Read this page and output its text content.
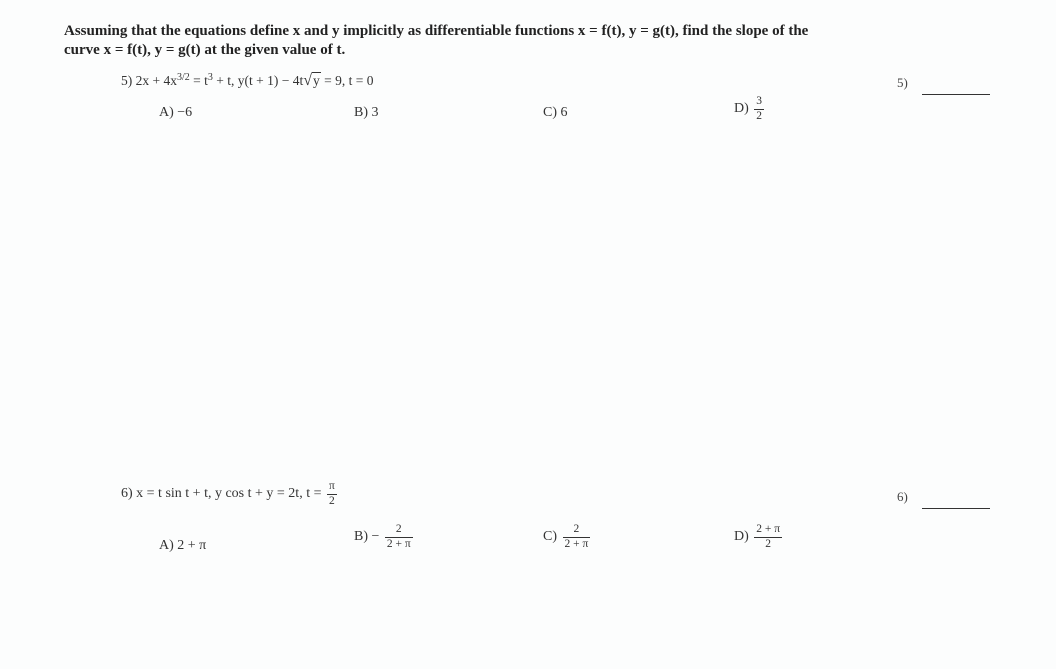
Assuming that the equations define x and y implicitly as differentiable functions x = f(t), y = g(t), find the slope of the
curve x = f(t), y = g(t) at the given value of t.
5) $2x + 4x^{3/2} = t^3 + t$, y(t + 1) − 4t√y = 9, t = 0	5)
A) −6	B) 3	C) 6	$D) \frac{3}{2}$
6) x = t sin t + t, y cos t + y = 2t, $t = \frac{\pi}{2}$	6)
A) 2 + π
$B) - \frac{2}{2 + \pi}$	$C) \frac{2}{2 + \pi}$	$D) \frac{2 + \pi}{2}$
